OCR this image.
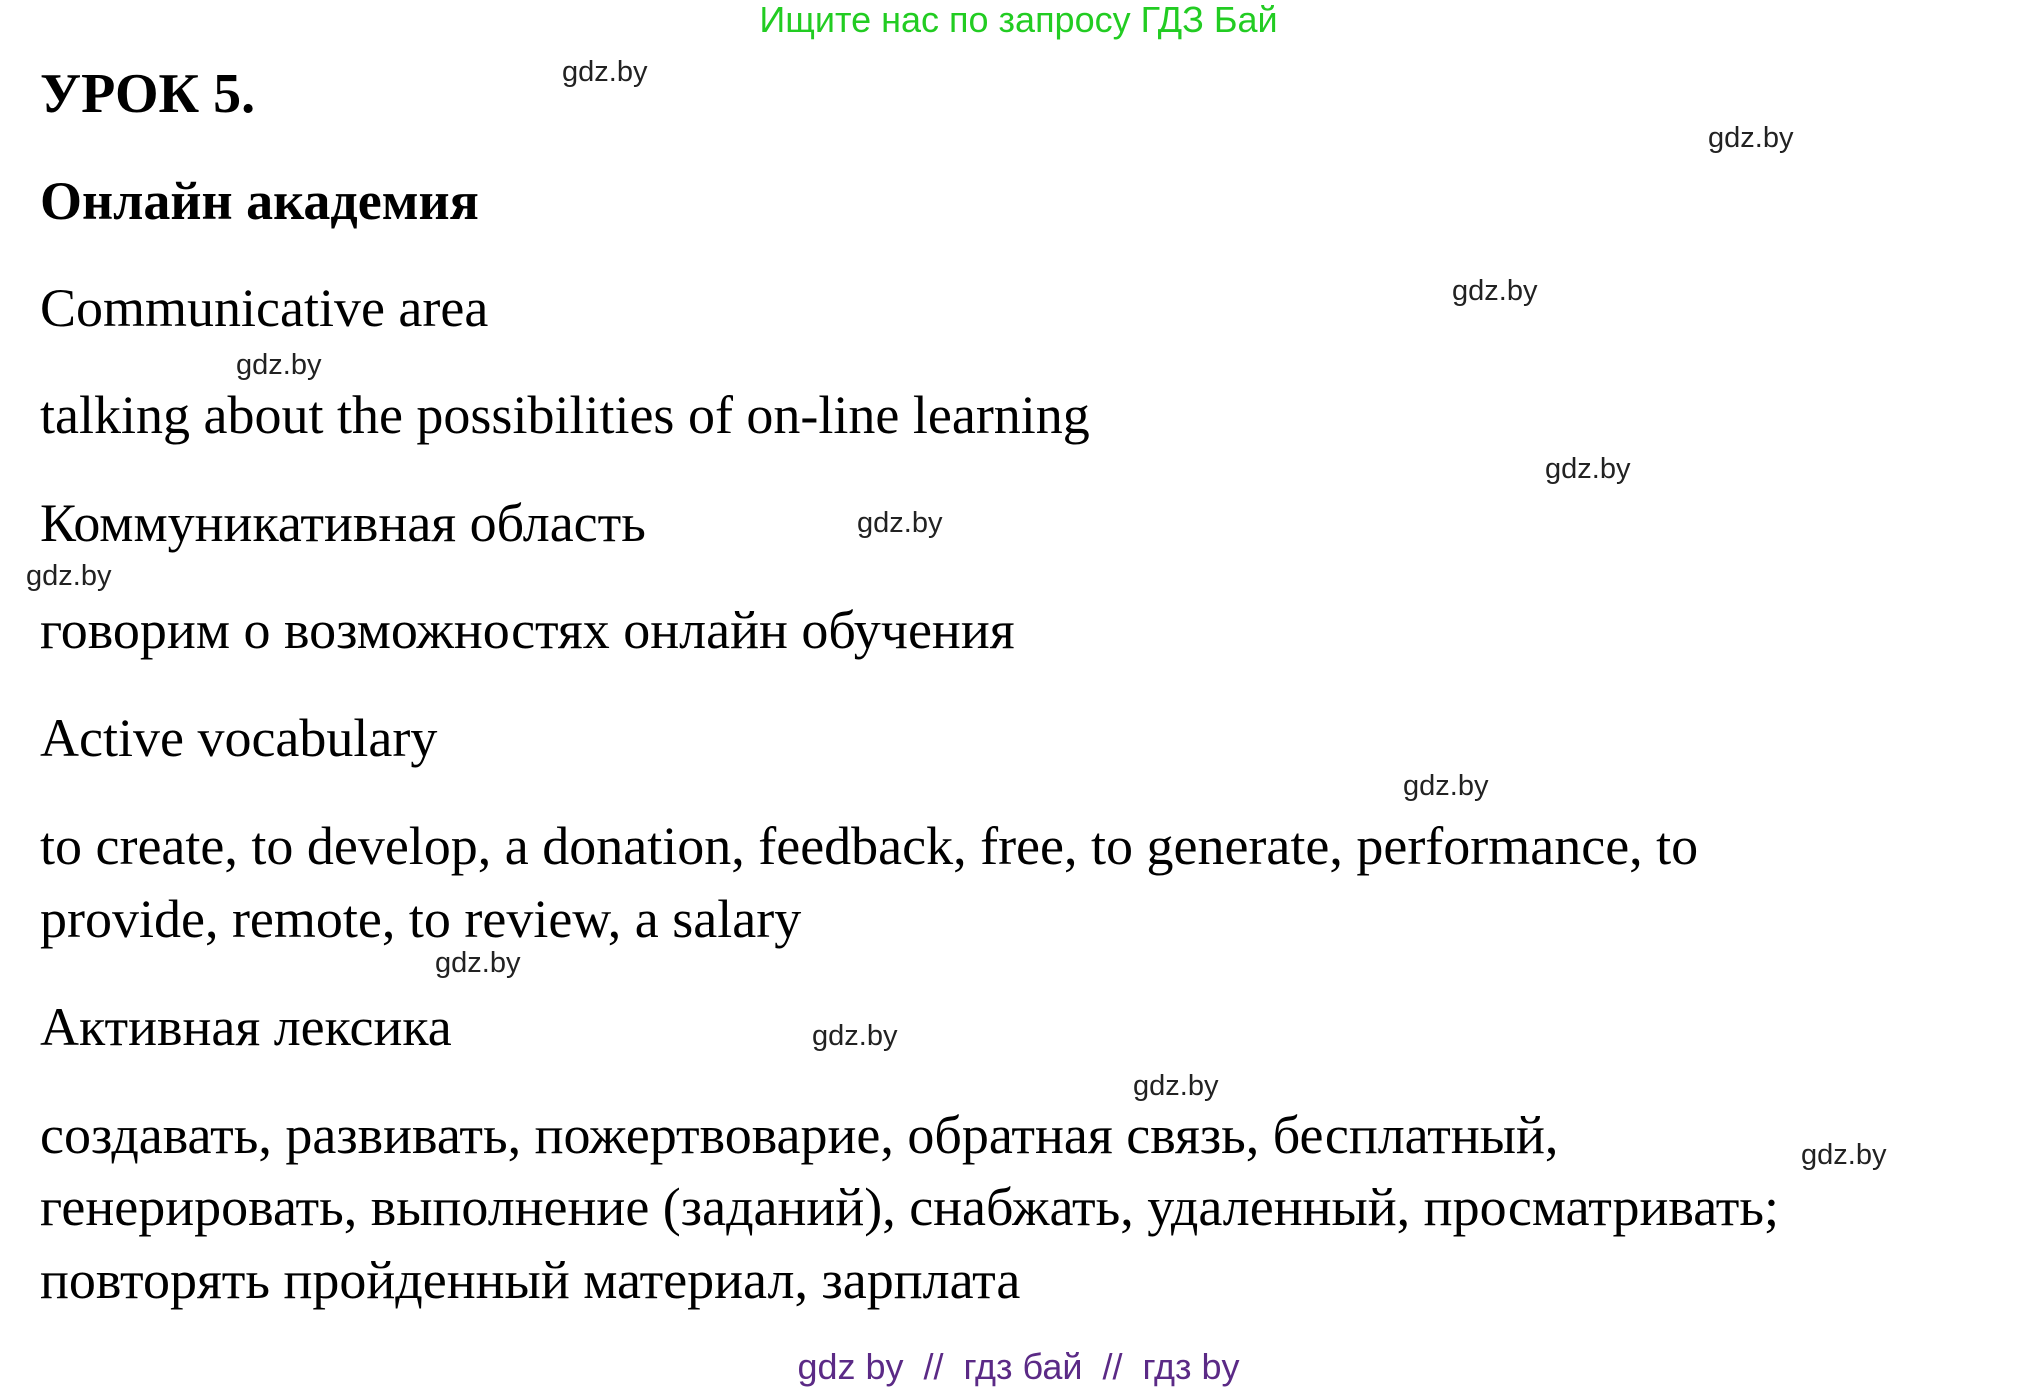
Ищите нас по запросу ГДЗ Бай
УРОК 5.
Онлайн академия
Communicative area
talking about the possibilities of on-line learning
Коммуникативная область
говорим о возможностях онлайн обучения
Active vocabulary
to create, to develop, a donation, feedback, free, to generate, performance, to
provide, remote, to review, a salary
Активная лексика
создавать, развивать, пожертвоварие, обратная связь, бесплатный,
генерировать, выполнение (заданий), снабжать, удаленный, просматривать;
повторять пройденный материал, зарплата
gdz.by
gdz.by
gdz.by
gdz.by
gdz.by
gdz.by
gdz.by
gdz.by
gdz.by
gdz.by
gdz.by
gdz.by
gdz by  //  гдз бай  //  гдз by
